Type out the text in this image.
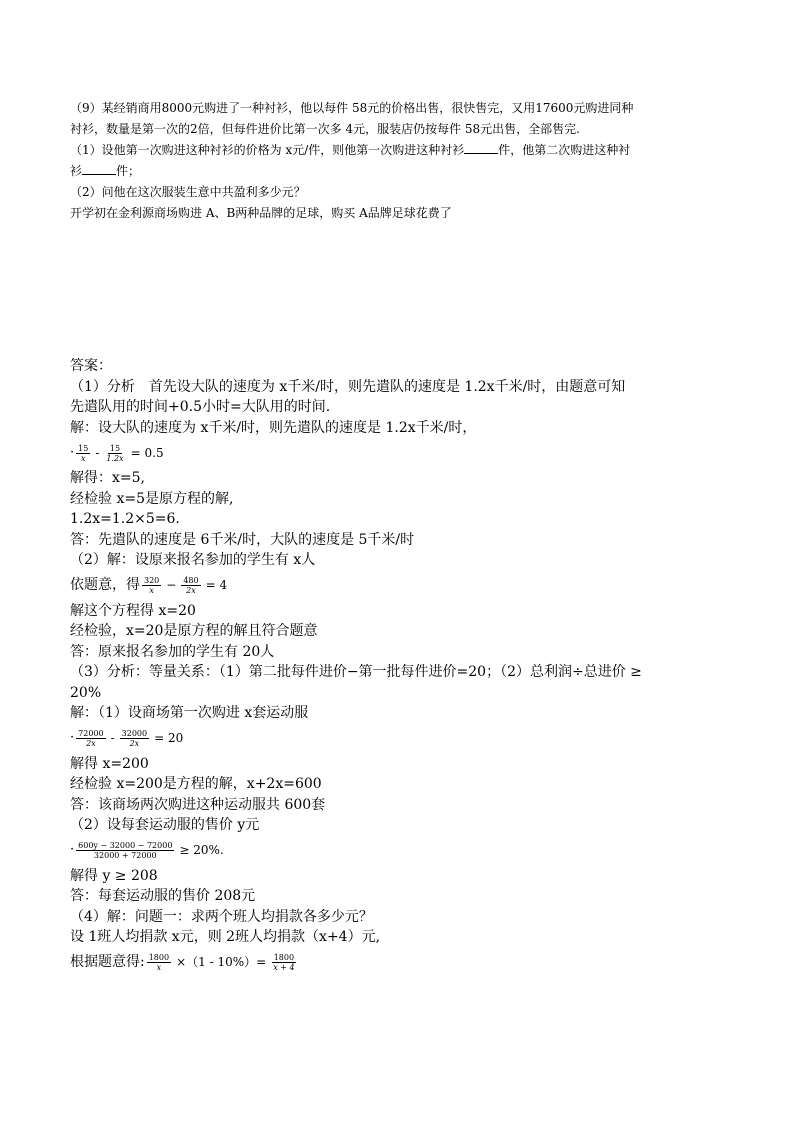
（9）某经销商用8000元购进了一种衬衫，他以每件 58元的价格出售，很快售完，又用17600元购进同种
衬衫，数量是第一次的2倍，但每件进价比第一次多 4元，服装店仍按每件 58元出售，全部售完.
（1）设他第一次购进这种衬衫的价格为 x元/件，则他第一次购进这种衬衫	件，他第二次购进这种衬
衫	件；
（2）问他在这次服装生意中共盈利多少元？
开学初在金利源商场购进 A、B两种品牌的足球，购买 A品牌足球花费了
答案：
（1）分析　首先设大队的速度为 x千米/时，则先遣队的速度是 1.2x千米/时，由题意可知
先遣队用的时间+0.5小时=大队用的时间.
解：设大队的速度为 x千米/时，则先遣队的速度是 1.2x千米/时，
· $\frac{15}{x} - \frac{15}{1.2x} = 0.5$
解得：x=5,
经检验 x=5是原方程的解,
1.2x=1.2×5=6.
答：先遣队的速度是 6千米/时，大队的速度是 5千米/时
（2）解：设原来报名参加的学生有 x人
依题意，得 $\frac{320}{x} - \frac{480}{2x} = 4$
解这个方程得 x=20
经检验，x=20是原方程的解且符合题意
答：原来报名参加的学生有 20人
（3）分析：等量关系：（1）第二批每件进价−第一批每件进价=20；（2）总利润÷总进价 ≥
20%
解：（1）设商场第一次购进 x套运动服
· $\frac{72000}{2x} - \frac{32000}{2x} = 20$
解得 x=200
经检验 x=200是方程的解，x+2x=600
答：该商场两次购进这种运动服共 600套
（2）设每套运动服的售价 y元
· $\frac{600y - 32000 - 72000}{32000 + 72000} \ge 20\%$.
解得 y ≥ 208
答：每套运动服的售价 208元
（4）解：问题一：求两个班人均捐款各多少元？
设 1班人均捐款 x元，则 2班人均捐款（x+4）元,
根据题意得: $\frac{1800}{x} \times(1 - 10\%)= \frac{1800}{x + 4}$
